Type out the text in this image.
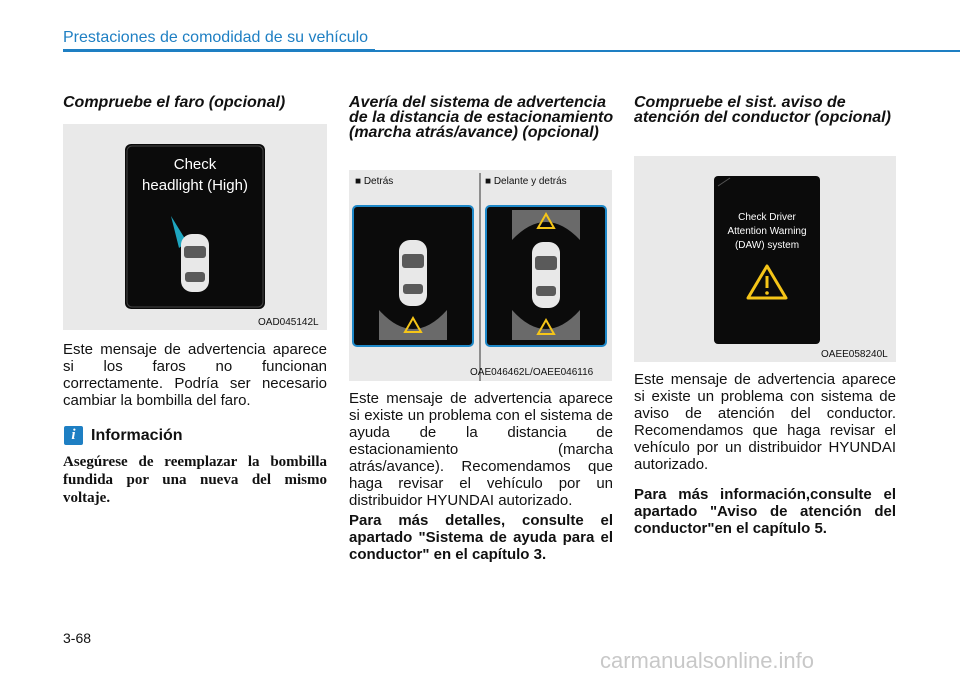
Prestaciones de comodidad de su vehículo
Compruebe el faro (opcional)
Check
headlight (High)
OAD045142L

Este mensaje de advertencia aparece si los faros no funcionan correctamente. Podría ser necesario cambiar la bombilla del faro.

i Información

Asegúrese de reemplazar la bombilla fundida por una nueva del mismo voltaje.

Avería del sistema de advertencia de la distancia de estacionamiento (marcha atrás/avance) (opcional)
■ Detrás	■ Delante y detrás
OAE046462L/OAEE046116

Este mensaje de advertencia aparece si existe un problema con el sistema de ayuda de la distancia de estacionamiento (marcha atrás/avance). Recomendamos que haga revisar el vehículo por un distribuidor HYUNDAI autorizado.

Para más detalles, consulte el apartado "Sistema de ayuda para el conductor" en el capítulo 3.

Compruebe el sist. aviso de atención del conductor (opcional)
Check Driver
Attention Warning
(DAW) system
OAEE058240L

Este mensaje de advertencia aparece si existe un problema con sistema de aviso de atención del conductor. Recomendamos que haga revisar el vehículo por un distribuidor HYUNDAI autorizado.

Para más información,consulte el apartado "Aviso de atención del conductor"en el capítulo 5.

3-68
carmanualsonline.info
